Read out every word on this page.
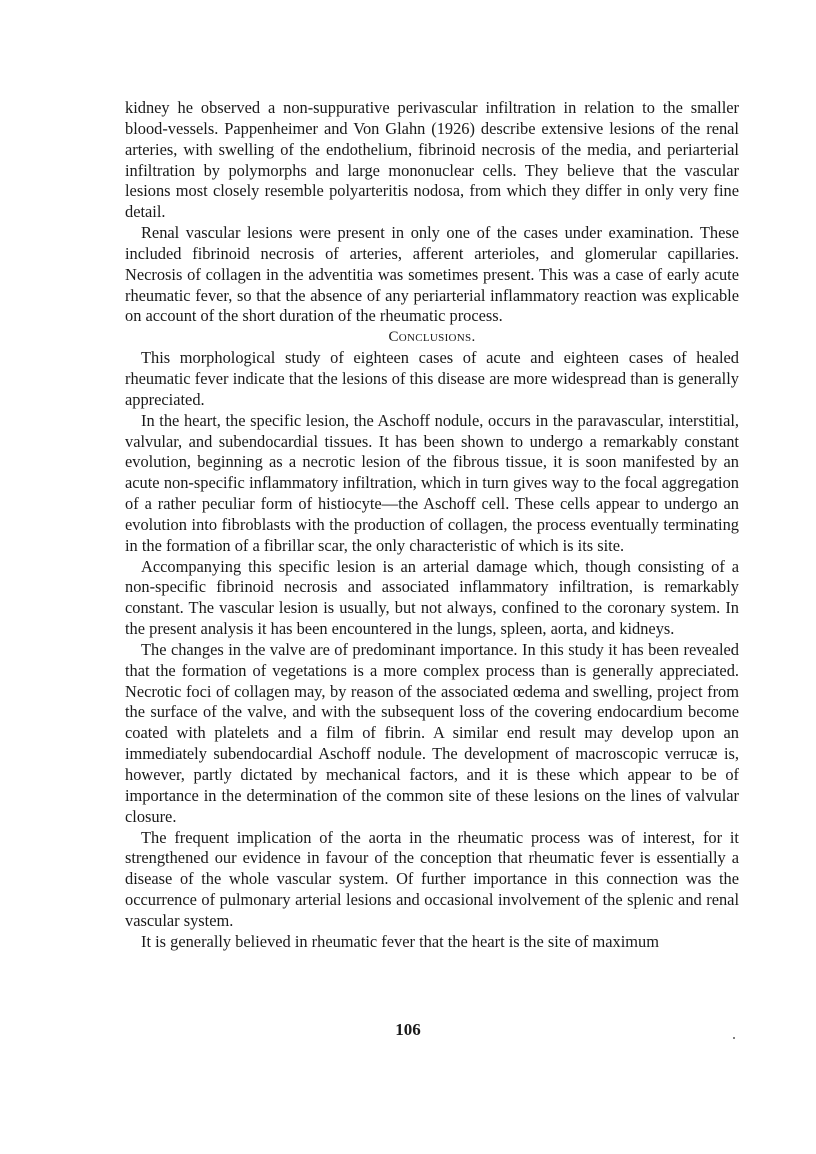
kidney he observed a non-suppurative perivascular infiltration in relation to the smaller blood-vessels. Pappenheimer and Von Glahn (1926) describe extensive lesions of the renal arteries, with swelling of the endothelium, fibrinoid necrosis of the media, and periarterial infiltration by polymorphs and large mononuclear cells. They believe that the vascular lesions most closely resemble polyarteritis nodosa, from which they differ in only very fine detail.

Renal vascular lesions were present in only one of the cases under examination. These included fibrinoid necrosis of arteries, afferent arterioles, and glomerular capillaries. Necrosis of collagen in the adventitia was sometimes present. This was a case of early acute rheumatic fever, so that the absence of any periarterial inflammatory reaction was explicable on account of the short duration of the rheumatic process.

Conclusions.

This morphological study of eighteen cases of acute and eighteen cases of healed rheumatic fever indicate that the lesions of this disease are more widespread than is generally appreciated.

In the heart, the specific lesion, the Aschoff nodule, occurs in the paravascular, interstitial, valvular, and subendocardial tissues. It has been shown to undergo a remarkably constant evolution, beginning as a necrotic lesion of the fibrous tissue, it is soon manifested by an acute non-specific inflammatory infiltration, which in turn gives way to the focal aggregation of a rather peculiar form of histiocyte—the Aschoff cell. These cells appear to undergo an evolution into fibroblasts with the production of collagen, the process eventually terminating in the formation of a fibrillar scar, the only characteristic of which is its site.

Accompanying this specific lesion is an arterial damage which, though consisting of a non-specific fibrinoid necrosis and associated inflammatory infiltration, is remarkably constant. The vascular lesion is usually, but not always, confined to the coronary system. In the present analysis it has been encountered in the lungs, spleen, aorta, and kidneys.

The changes in the valve are of predominant importance. In this study it has been revealed that the formation of vegetations is a more complex process than is generally appreciated. Necrotic foci of collagen may, by reason of the associated œdema and swelling, project from the surface of the valve, and with the subsequent loss of the covering endocardium become coated with platelets and a film of fibrin. A similar end result may develop upon an immediately subendocardial Aschoff nodule. The development of macroscopic verrucæ is, however, partly dictated by mechanical factors, and it is these which appear to be of importance in the determination of the common site of these lesions on the lines of valvular closure.

The frequent implication of the aorta in the rheumatic process was of interest, for it strengthened our evidence in favour of the conception that rheumatic fever is essentially a disease of the whole vascular system. Of further importance in this connection was the occurrence of pulmonary arterial lesions and occasional involvement of the splenic and renal vascular system.

It is generally believed in rheumatic fever that the heart is the site of maximum

106
